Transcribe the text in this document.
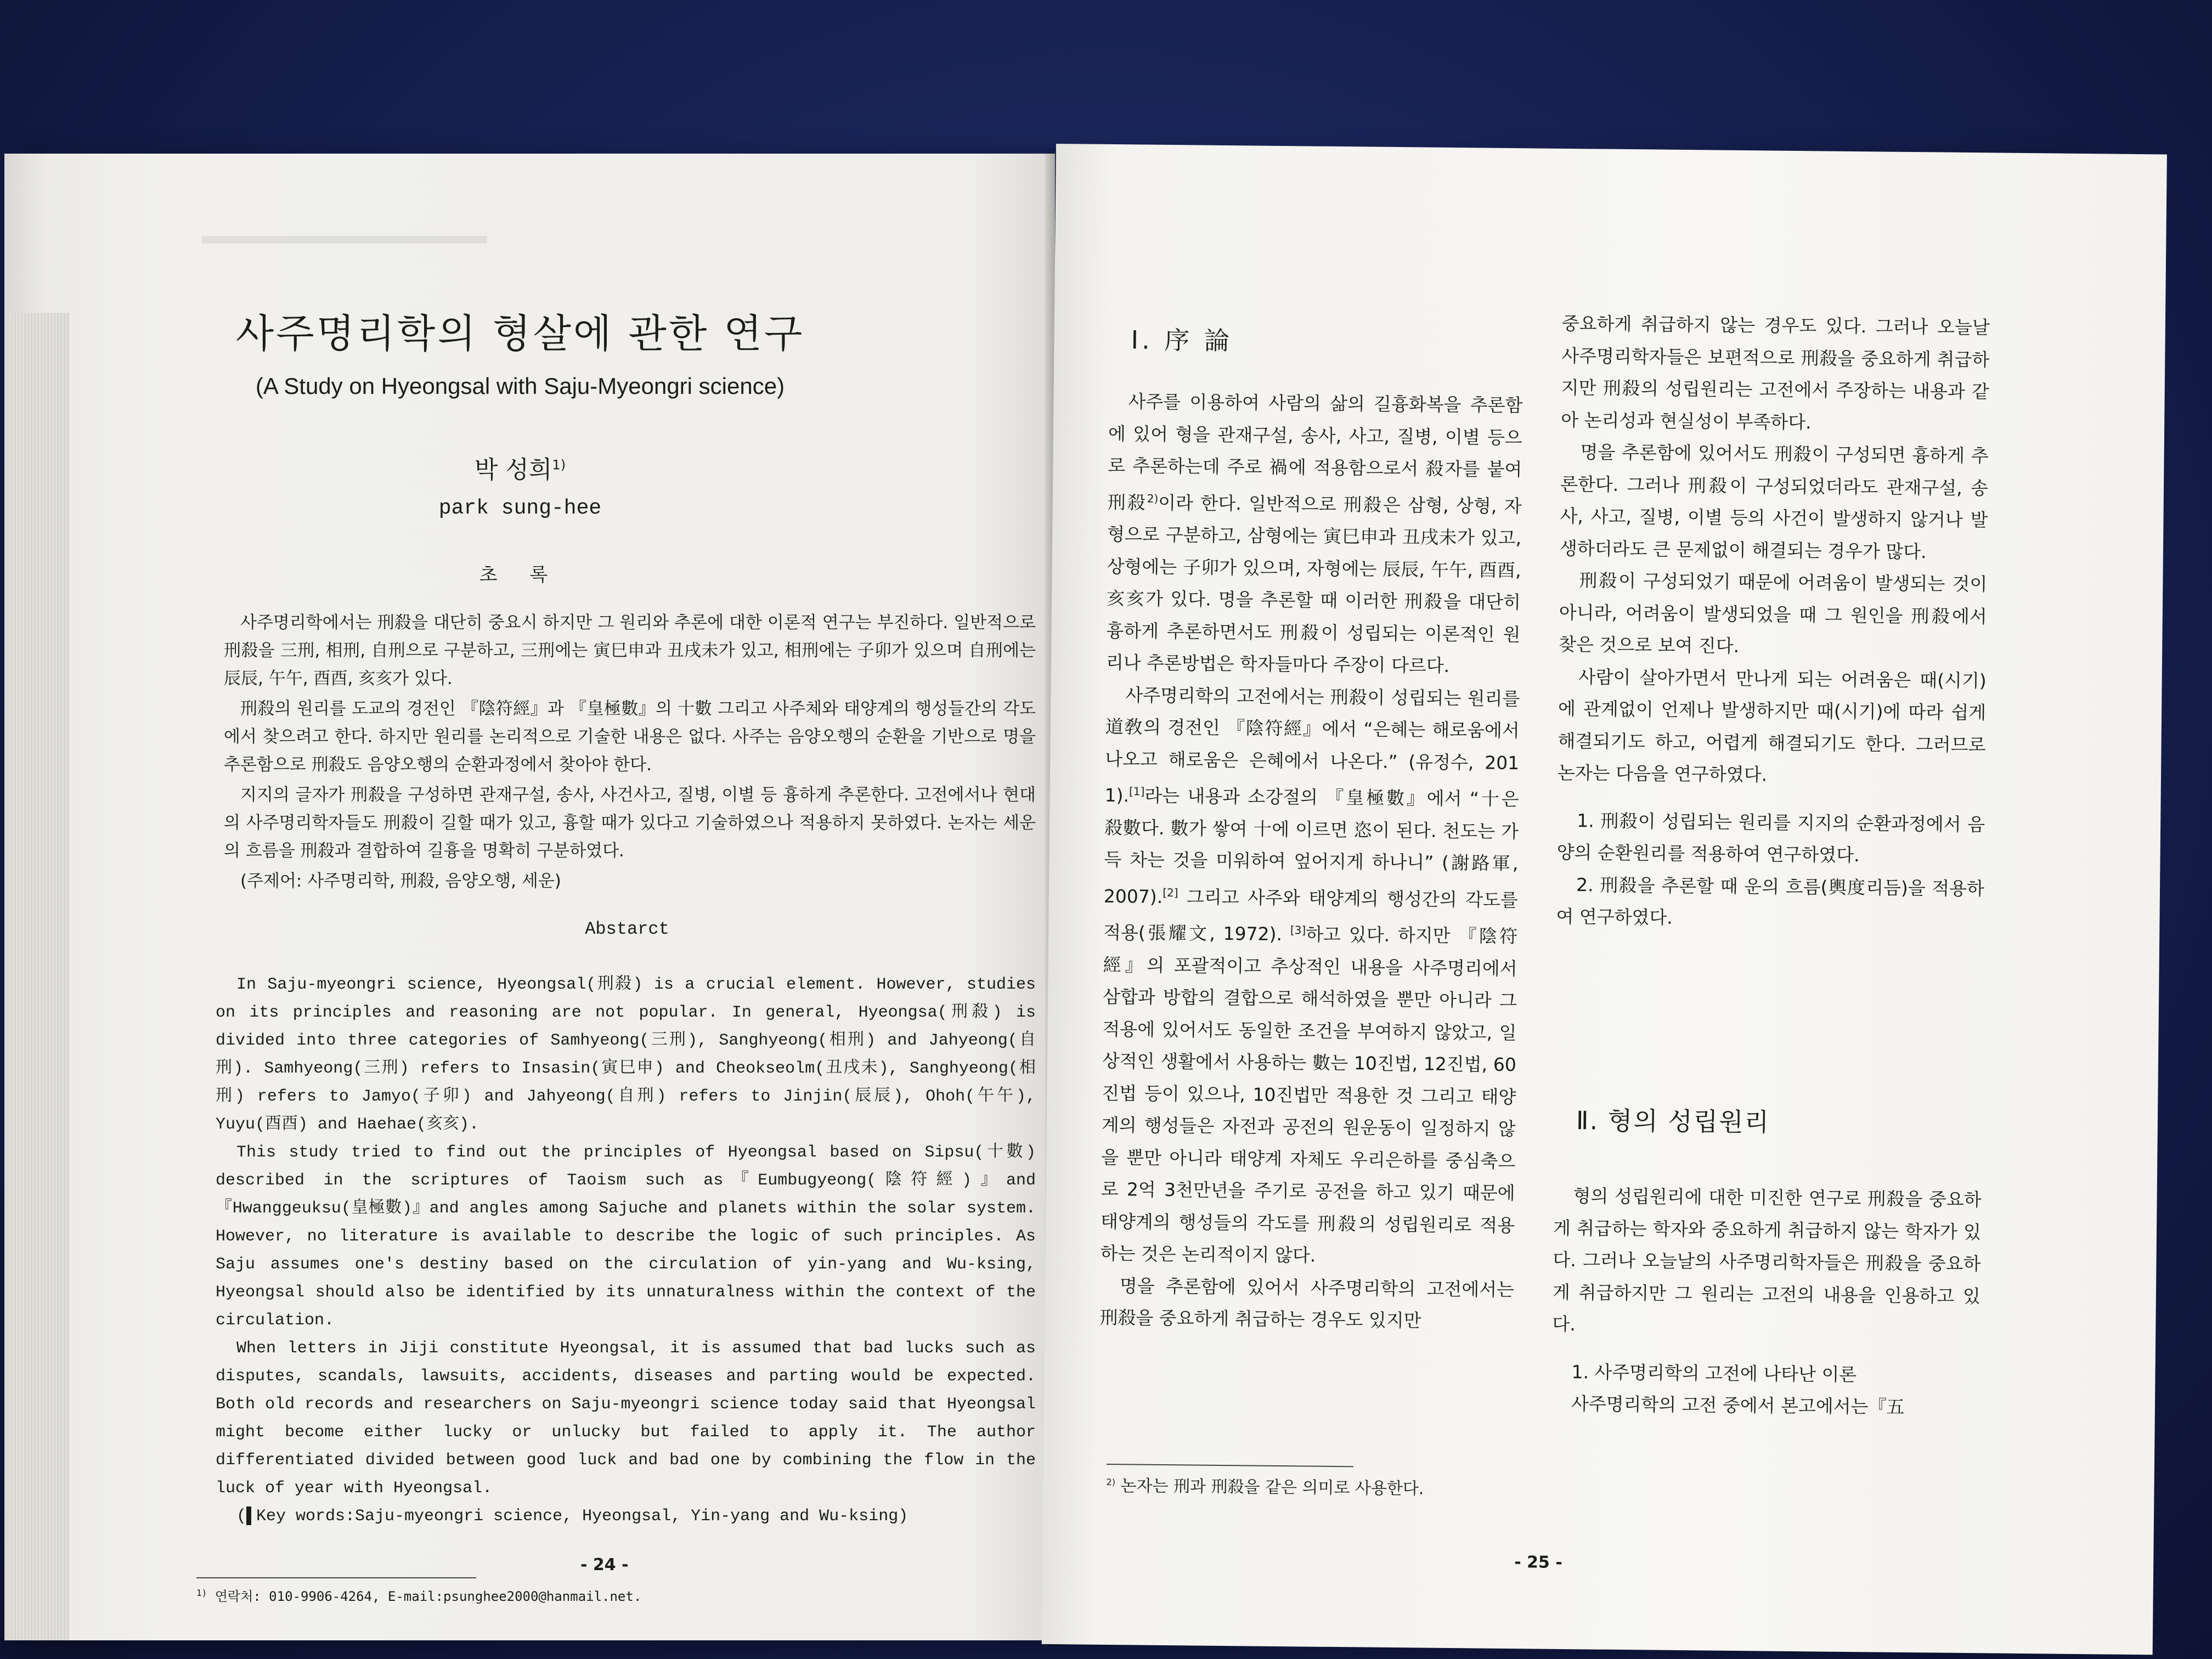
사주명리학의 형살에 관한 연구
(A Study on Hyeongsal with Saju-Myeongri science)
박 성희$^{1)}$
park sung-hee
초 록

사주명리학에서는 刑殺을 대단히 중요시 하지만 그 원리와 추론에 대한 이론적 연구는 부진하다. 일반적으로 刑殺을 三刑, 相刑, 自刑으로 구분하고, 三刑에는 寅巳申과 丑戌未가 있고, 相刑에는 子卯가 있으며 自刑에는 辰辰, 午午, 酉酉, 亥亥가 있다.

刑殺의 원리를 도교의 경전인 『陰符經』과 『皇極數』의 十數 그리고 사주체와 태양계의 행성들간의 각도에서 찾으려고 한다. 하지만 원리를 논리적으로 기술한 내용은 없다. 사주는 음양오행의 순환을 기반으로 명을 추론함으로 刑殺도 음양오행의 순환과정에서 찾아야 한다.

지지의 글자가 刑殺을 구성하면 관재구설, 송사, 사건사고, 질병, 이별 등 흉하게 추론한다. 고전에서나 현대의 사주명리학자들도 刑殺이 길할 때가 있고, 흉할 때가 있다고 기술하였으나 적용하지 못하였다. 논자는 세운의 흐름을 刑殺과 결합하여 길흉을 명확히 구분하였다.

(주제어: 사주명리학, 刑殺, 음양오행, 세운)

Abstarct

In Saju-myeongri science, Hyeongsal(刑殺) is a crucial element. However, studies on its principles and reasoning are not popular. In general, Hyeongsa(刑殺) is divided into three categories of Samhyeong(三刑), Sanghyeong(相刑) and Jahyeong(自刑). Samhyeong(三刑) refers to Insasin(寅巳申) and Cheokseolm(丑戌未), Sanghyeong(相刑) refers to Jamyo(子卯) and Jahyeong(自刑) refers to Jinjin(辰辰), Ohoh(午午), Yuyu(酉酉) and Haehae(亥亥).

This study tried to find out the principles of Hyeongsal based on Sipsu(十數) described in the scriptures of Taoism such as『Eumbugyeong(陰符經)』and『Hwanggeuksu(皇極數)』and angles among Sajuche and planets within the solar system. However, no literature is available to describe the logic of such principles. As Saju assumes one's destiny based on the circulation of yin-yang and Wu-ksing, Hyeongsal should also be identified by its unnaturalness within the context of the circulation.

When letters in Jiji constitute Hyeongsal, it is assumed that bad lucks such as disputes, scandals, lawsuits, accidents, diseases and parting would be expected. Both old records and researchers on Saju-myeongri science today said that Hyeongsal might become either lucky or unlucky but failed to apply it. The author differentiated divided between good luck and bad one by combining the flow in the luck of year with Hyeongsal.

(▌Key words:Saju-myeongri science, Hyeongsal, Yin-yang and Wu-ksing)

$^{1)}$ 연락처: 010-9906-4264, E-mail:psunghee2000@hanmail.net.
- 24 -
Ⅰ. 序 論

사주를 이용하여 사람의 삶의 길흉화복을 추론함에 있어 형을 관재구설, 송사, 사고, 질병, 이별 등으로 추론하는데 주로 禍에 적용함으로서 殺자를 붙여 刑殺$^{2)}$이라 한다. 일반적으로 刑殺은 삼형, 상형, 자형으로 구분하고, 삼형에는 寅巳申과 丑戌未가 있고, 상형에는 子卯가 있으며, 자형에는 辰辰, 午午, 酉酉, 亥亥가 있다. 명을 추론할 때 이러한 刑殺을 대단히 흉하게 추론하면서도 刑殺이 성립되는 이론적인 원리나 추론방법은 학자들마다 주장이 다르다.

사주명리학의 고전에서는 刑殺이 성립되는 원리를 道敎의 경전인 『陰符經』에서 “은혜는 해로움에서 나오고 해로움은 은혜에서 나온다.” (유정수, 201 1).[1]라는 내용과 소강절의 『皇極數』에서 “十은 殺數다. 數가 쌓여 十에 이르면 恣이 된다. 천도는 가득 차는 것을 미워하여 엎어지게 하나니” (謝路軍, 2007).[2] 그리고 사주와 태양계의 행성간의 각도를 적용(張耀文, 1972). [3]하고 있다. 하지만 『陰符經』의 포괄적이고 추상적인 내용을 사주명리에서 삼합과 방합의 결합으로 해석하였을 뿐만 아니라 그 적용에 있어서도 동일한 조건을 부여하지 않았고, 일상적인 생활에서 사용하는 數는 10진법, 12진법, 60진법 등이 있으나, 10진법만 적용한 것 그리고 태양계의 행성들은 자전과 공전의 원운동이 일정하지 않을 뿐만 아니라 태양계 자체도 우리은하를 중심축으로 2억 3천만년을 주기로 공전을 하고 있기 때문에 태양계의 행성들의 각도를 刑殺의 성립원리로 적용하는 것은 논리적이지 않다.

명을 추론함에 있어서 사주명리학의 고전에서는 刑殺을 중요하게 취급하는 경우도 있지만

중요하게 취급하지 않는 경우도 있다. 그러나 오늘날 사주명리학자들은 보편적으로 刑殺을 중요하게 취급하지만 刑殺의 성립원리는 고전에서 주장하는 내용과 같아 논리성과 현실성이 부족하다.

명을 추론함에 있어서도 刑殺이 구성되면 흉하게 추론한다. 그러나 刑殺이 구성되었더라도 관재구설, 송사, 사고, 질병, 이별 등의 사건이 발생하지 않거나 발생하더라도 큰 문제없이 해결되는 경우가 많다.

刑殺이 구성되었기 때문에 어려움이 발생되는 것이 아니라, 어려움이 발생되었을 때 그 원인을 刑殺에서 찾은 것으로 보여 진다.

사람이 살아가면서 만나게 되는 어려움은 때(시기)에 관계없이 언제나 발생하지만 때(시기)에 따라 쉽게 해결되기도 하고, 어렵게 해결되기도 한다. 그러므로 논자는 다음을 연구하였다.

1. 刑殺이 성립되는 원리를 지지의 순환과정에서 음양의 순환원리를 적용하여 연구하였다.

2. 刑殺을 추론할 때 운의 흐름(輿度리듬)을 적용하여 연구하였다.

Ⅱ. 형의 성립원리

형의 성립원리에 대한 미진한 연구로 刑殺을 중요하게 취급하는 학자와 중요하게 취급하지 않는 학자가 있다. 그러나 오늘날의 사주명리학자들은 刑殺을 중요하게 취급하지만 그 원리는 고전의 내용을 인용하고 있다.

1. 사주명리학의 고전에 나타난 이론

사주명리학의 고전 중에서 본고에서는『五

$^{2)}$ 논자는 刑과 刑殺을 같은 의미로 사용한다.
- 25 -
